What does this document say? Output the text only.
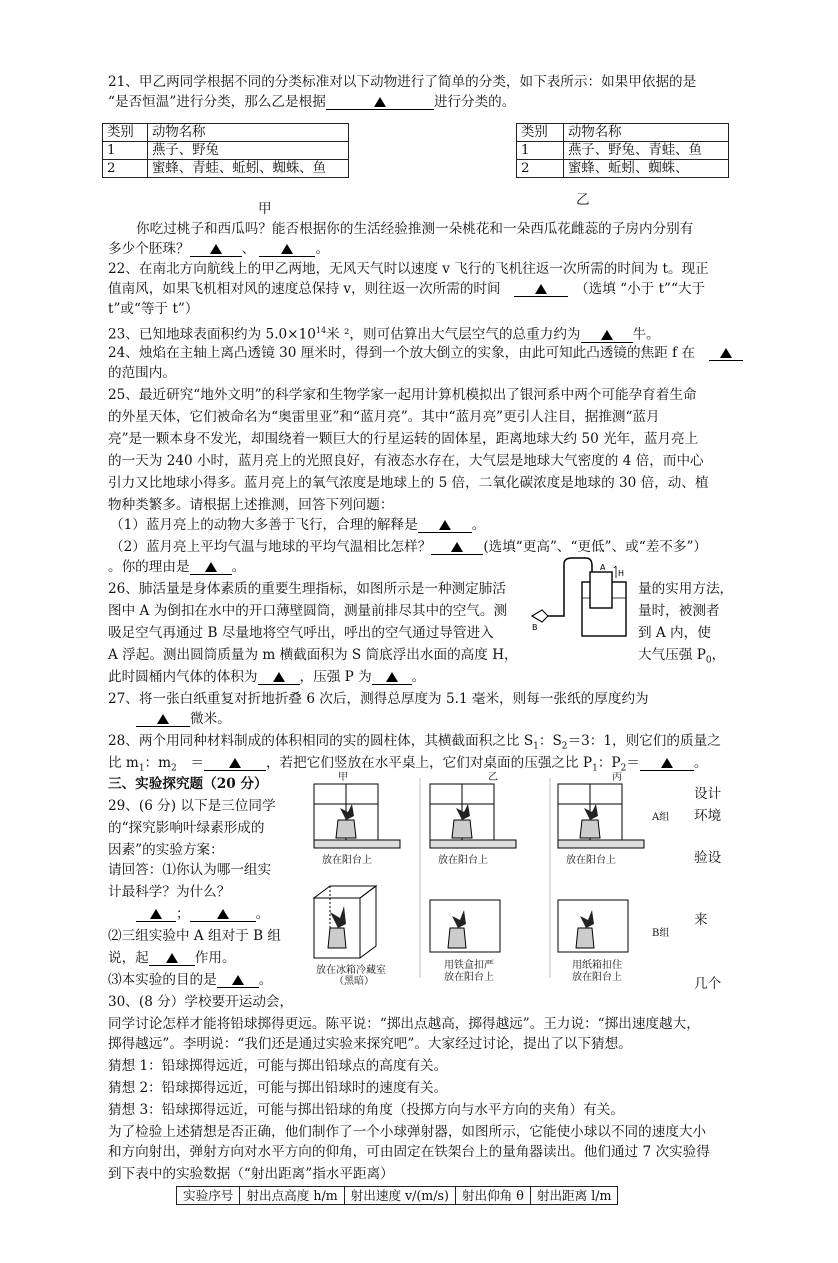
21、甲乙两同学根据不同的分类标准对以下动物进行了简单的分类，如下表所示：如果甲依据的是
“是否恒温”进行分类，那么乙是根据	进行分类的。
类别	动物名称
1	燕子、野兔
2	蜜蜂、青蛙、蚯蚓、蜘蛛、鱼
类别	动物名称
1	燕子、野兔、青蛙、鱼
2	蜜蜂、蚯蚓、蜘蛛、
乙
甲
你吃过桃子和西瓜吗？能否根据你的生活经验推测一朵桃花和一朵西瓜花雌蕊的子房内分别有
多少个胚珠？	、	。
22、在南北方向航线上的甲乙两地，无风天气时以速度 v 飞行的飞机往返一次所需的时间为 t。现正
值南风，如果飞机相对风的速度总保持 v，则往返一次所需的时间　　	（选填 “小于 t”“大于
t”或“等于 t”）
23、已知地球表面积约为 $5.0\times 10^{14}$米 ²，则可估算出大气层空气的总重力约为	牛。
24、烛焰在主轴上离凸透镜 30 厘米时，得到一个放大倒立的实象，由此可知此凸透镜的焦距 f 在　
的范围内。
25、最近研究“地外文明”的科学家和生物学家一起用计算机模拟出了银河系中两个可能孕育着生命
的外星天体，它们被命名为“奥雷里亚”和“蓝月亮”。其中“蓝月亮”更引人注目，据推测“蓝月
亮”是一颗本身不发光，却围绕着一颗巨大的行星运转的固体星，距离地球大约 50 光年，蓝月亮上
的一天为 240 小时，蓝月亮上的光照良好，有液态水存在，大气层是地球大气密度的 4 倍，而中心
引力又比地球小得多。蓝月亮上的氧气浓度是地球上的 5 倍，二氧化碳浓度是地球的 30 倍，动、植
物种类繁多。请根据上述推测，回答下列问题：
（1）蓝月亮上的动物大多善于飞行，合理的解释是	。
（2）蓝月亮上平均气温与地球的平均气温相比怎样？	(选填“更高”、“更低”、或“差不多”）
。你的理由是	。
26、肺活量是身体素质的重要生理指标，如图所示是一种测定肺活	量的实用方法，
图中 A 为倒扣在水中的开口薄壁圆筒，测量前排尽其中的空气。测	量时，被测者
吸足空气再通过 B 尽量地将空气呼出，呼出的空气通过导管进入	到 A 内，使
A 浮起。测出圆筒质量为 m 横截面积为 S 筒底浮出水面的高度 H，	大气压强 $P_0$，
此时圆桶内气体的体积为	，压强 P 为	。
A
H
B
27、将一张白纸重复对折地折叠 6 次后，测得总厚度为 5.1 毫米，则每一张纸的厚度约为
微米。
28、两个用同种材料制成的体积相同的实的圆柱体，其横截面积之比 $S_1$：$S_2=3$：1，则它们的质量之
比 $m_1$：$m_2$　 ＝	，若把它们竖放在水平桌上，它们对桌面的压强之比 $P_1$：$P_2=$	。
三、实验探究题（20 分）
29、(6 分) 以下是三位同学
的“探究影响叶绿素形成的
因素”的实验方案：
请回答：⑴你认为哪一组实
计最科学？为什么？
；	。
⑵三组实验中 A 组对于 B 组
说，起	作用。
⑶本实验的目的是	。
设计
环境
验设
来
几个
甲	乙	丙
A组
B组
放在阳台上	放在阳台上	放在阳台上
放在冰箱冷藏室
（黑暗）
用铁盒扣严
放在阳台上
用纸箱扣住
放在阳台上
30、(8 分）学校要开运动会，
同学讨论怎样才能将铅球掷得更远。陈平说：“掷出点越高，掷得越远”。王力说：“掷出速度越大，
掷得越远”。李明说：“我们还是通过实验来探究吧”。大家经过讨论，提出了以下猜想。
猜想 1：铅球掷得远近，可能与掷出铅球点的高度有关。
猜想 2：铅球掷得远近，可能与掷出铅球时的速度有关。
猜想 3：铅球掷得远近，可能与掷出铅球的角度（投掷方向与水平方向的夹角）有关。
为了检验上述猜想是否正确，他们制作了一个小球弹射器，如图所示，它能使小球以不同的速度大小
和方向射出，弹射方向对水平方向的仰角，可由固定在铁架台上的量角器读出。他们通过 7 次实验得
到下表中的实验数据（“射出距离”指水平距离）
实验序号	射出点高度 h/m	射出速度 v/(m/s)	射出仰角 θ	射出距离 l/m
